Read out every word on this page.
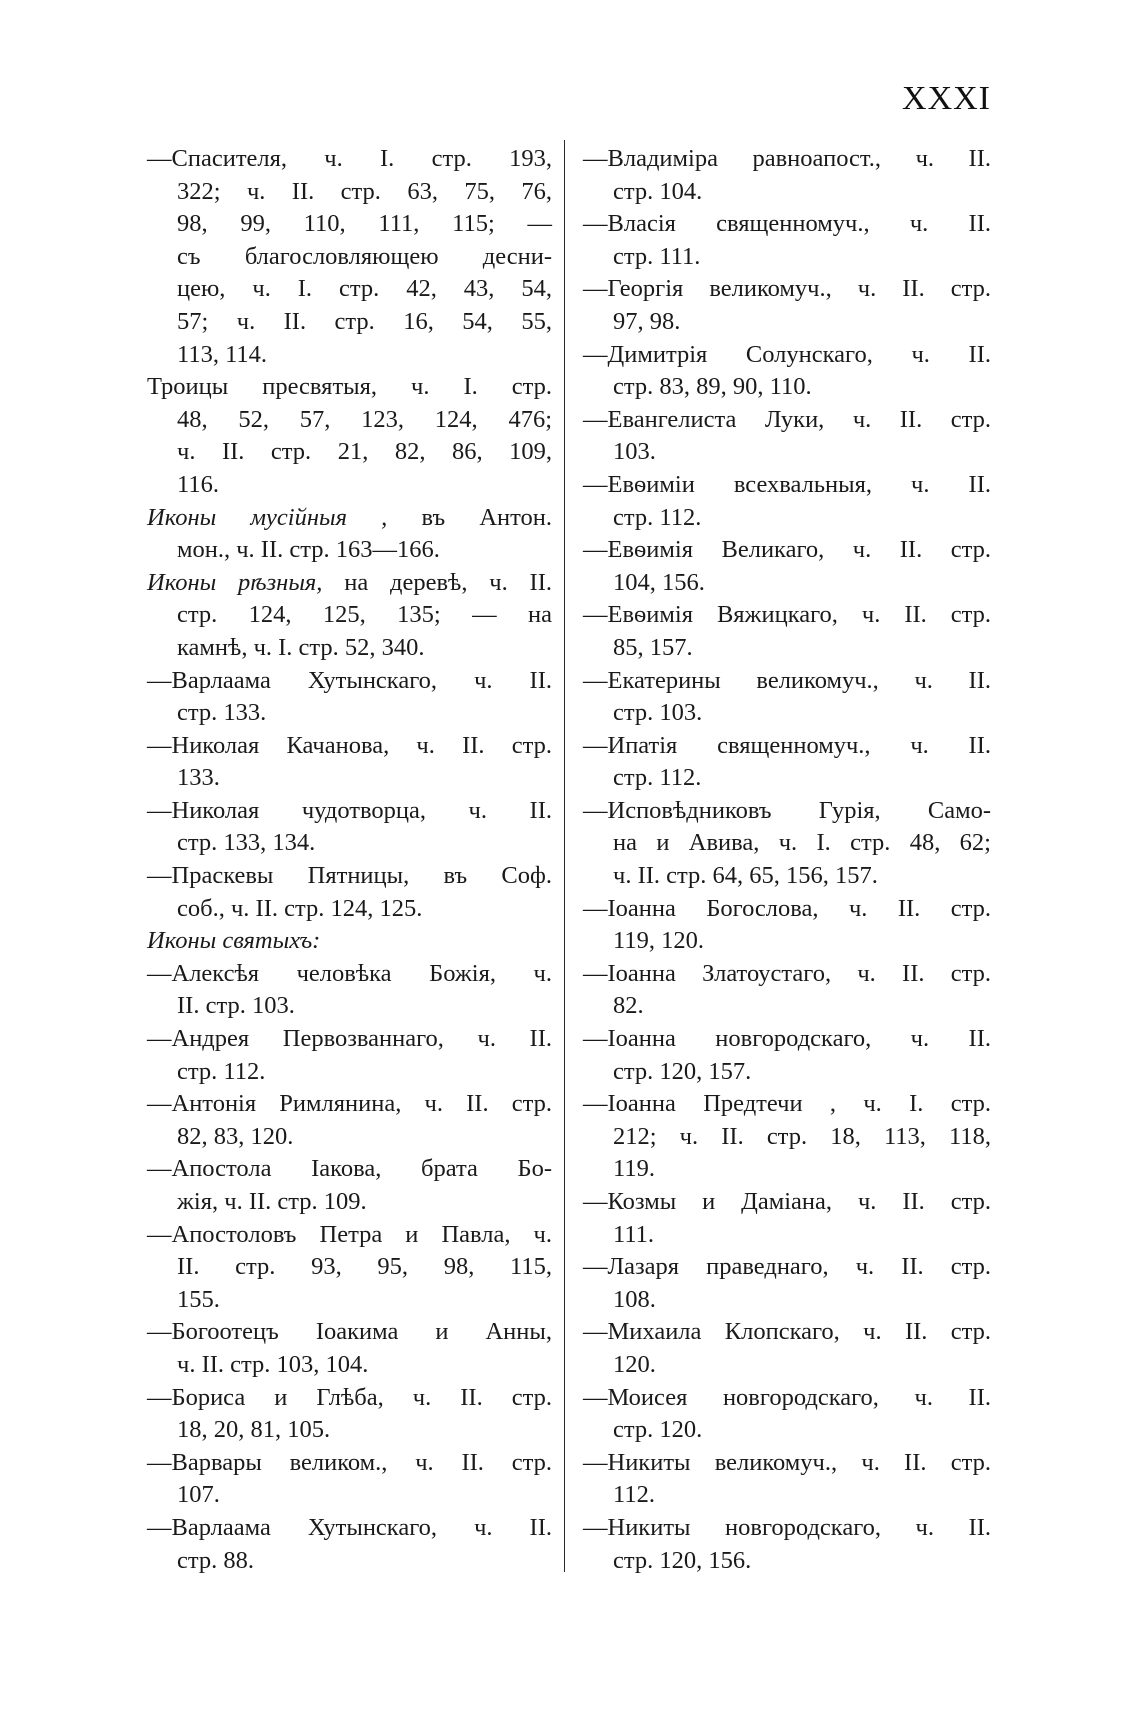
XXXI
—Спасителя, ч. I. стр. 193,
322; ч. II. стр. 63, 75, 76,
98, 99, 110, 111, 115; —
съ благословляющею десни-
цею, ч. I. стр. 42, 43, 54,
57; ч. II. стр. 16, 54, 55,
113, 114.
Троицы пресвятыя, ч. I. стр.
48, 52, 57, 123, 124, 476;
ч. II. стр. 21, 82, 86, 109,
116.
Иконы мусійныя , въ Антон.
мон., ч. II. стр. 163—166.
Иконы рѣзныя, на деревѣ, ч. II.
стр. 124, 125, 135; — на
камнѣ, ч. I. стр. 52, 340.
—Варлаама Хутынскаго, ч. II.
стр. 133.
—Николая Качанова, ч. II. стр.
133.
—Николая чудотворца, ч. II.
стр. 133, 134.
—Праскевы Пятницы, въ Соф.
соб., ч. II. стр. 124, 125.
Иконы святыхъ:
—Алексѣя человѣка Божія, ч.
II. стр. 103.
—Андрея Первозваннаго, ч. II.
стр. 112.
—Антонія Римлянина, ч. II. стр.
82, 83, 120.
—Апостола Іакова, брата Бо-
жія, ч. II. стр. 109.
—Апостоловъ Петра и Павла, ч.
II. стр. 93, 95, 98, 115,
155.
—Богоотецъ Іоакима и Анны,
ч. II. стр. 103, 104.
—Бориса и Глѣба, ч. II. стр.
18, 20, 81, 105.
—Варвары великом., ч. II. стр.
107.
—Варлаама Хутынскаго, ч. II.
стр. 88.
—Владиміра равноапост., ч. II.
стр. 104.
—Власія священномуч., ч. II.
стр. 111.
—Георгія великомуч., ч. II. стр.
97, 98.
—Димитрія Солунскаго, ч. II.
стр. 83, 89, 90, 110.
—Евангелиста Луки, ч. II. стр.
103.
—Евѳиміи всехвальныя, ч. II.
стр. 112.
—Евѳимія Великаго, ч. II. стр.
104, 156.
—Евѳимія Вяжицкаго, ч. II. стр.
85, 157.
—Екатерины великомуч., ч. II.
стр. 103.
—Ипатія священномуч., ч. II.
стр. 112.
—Исповѣдниковъ Гурія, Само-
на и Авива, ч. I. стр. 48, 62;
ч. II. стр. 64, 65, 156, 157.
—Іоанна Богослова, ч. II. стр.
119, 120.
—Іоанна Златоустаго, ч. II. стр.
82.
—Іоанна новгородскаго, ч. II.
стр. 120, 157.
—Іоанна Предтечи , ч. I. стр.
212; ч. II. стр. 18, 113, 118,
119.
—Козмы и Даміана, ч. II. стр.
111.
—Лазаря праведнаго, ч. II. стр.
108.
—Михаила Клопскаго, ч. II. стр.
120.
—Моисея новгородскаго, ч. II.
стр. 120.
—Никиты великомуч., ч. II. стр.
112.
—Никиты новгородскаго, ч. II.
стр. 120, 156.
